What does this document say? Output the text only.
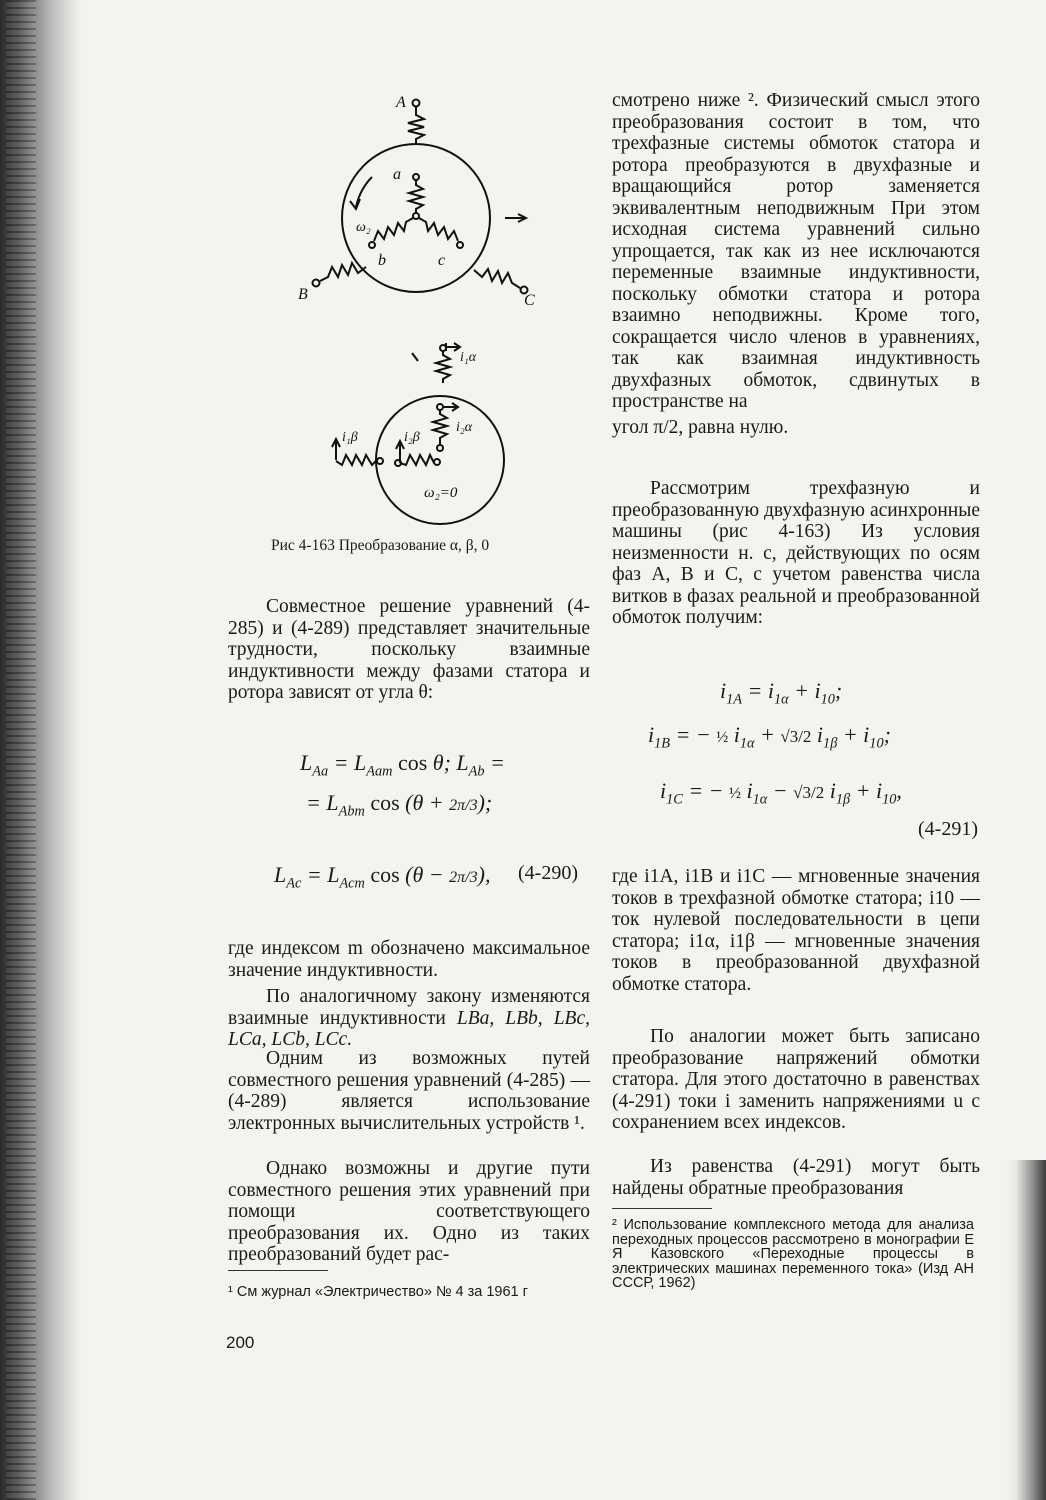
A
B	C
a
b	c
ω₂
i₁α
i₂α
i₁β	i₂β
ω₂=0
Рис 4-163 Преобразование α, β, 0

Совместное решение уравнений (4-285) и (4-289) представляет значительные трудности, поскольку взаимные индуктивности между фазами статора и ротора зависят от угла θ:

$L_{Aa} = L_{Aam}$ cos θ; $L_{Ab}$ =
= $L_{Abm}$ cos (θ + 2π/3);
$L_{Ac} = L_{Acm}$ cos (θ − 2π/3), (4-290)

где индексом m обозначено максимальное значение индуктивности.

По аналогичному закону изменяются взаимные индуктивности LBa, LBb, LBc, LCa, LCb, LCc.

Одним из возможных путей совместного решения уравнений (4-285) — (4-289) является использование электронных вычислительных устройств ¹.

Однако возможны и другие пути совместного решения этих уравнений при помощи соответствующего преобразования их. Одно из таких преобразований будет рас-

¹ См журнал «Электричество» № 4 за 1961 г
200

смотрено ниже ². Физический смысл этого преобразования состоит в том, что трехфазные системы обмоток статора и ротора преобразуются в двухфазные и вращающийся ротор заменяется эквивалентным неподвижным При этом исходная система уравнений сильно упрощается, так как из нее исключаются переменные взаимные индуктивности, поскольку обмотки статора и ротора взаимно неподвижны. Кроме того, сокращается число членов в уравнениях, так как взаимная индуктивность двухфазных обмоток, сдвинутых в пространстве на

угол π/2, равна нулю.

Рассмотрим трехфазную и преобразованную двухфазную асинхронные машины (рис 4-163) Из условия неизменности н. с, действующих по осям фаз A, B и C, с учетом равенства числа витков в фазах реальной и преобразованной обмоток получим:

$i_{1A} = i_{1\alpha} + i_{10}$;
$i_{1B}$ = − ½ $i_{1\alpha} + √3/2$ $i_{1\beta} + i_{10}$;
$i_{1C}$ = − ½ $i_{1\alpha} - √3/2$ $i_{1\beta} + i_{10}$,
(4-291)

где i1A, i1B и i1C — мгновенные значения токов в трехфазной обмотке статора; i10 — ток нулевой последовательности в цепи статора; i1α, i1β — мгновенные значения токов в преобразованной двухфазной обмотке статора.

По аналогии может быть записано преобразование напряжений обмотки статора. Для этого достаточно в равенствах (4-291) токи i заменить напряжениями u с сохранением всех индексов.

Из равенства (4-291) могут быть найдены обратные преобразования

² Использование комплексного метода для анализа переходных процессов рассмотрено в монографии Е Я Казовского «Переходные процессы в электрических машинах переменного тока» (Изд АН СССР, 1962)
